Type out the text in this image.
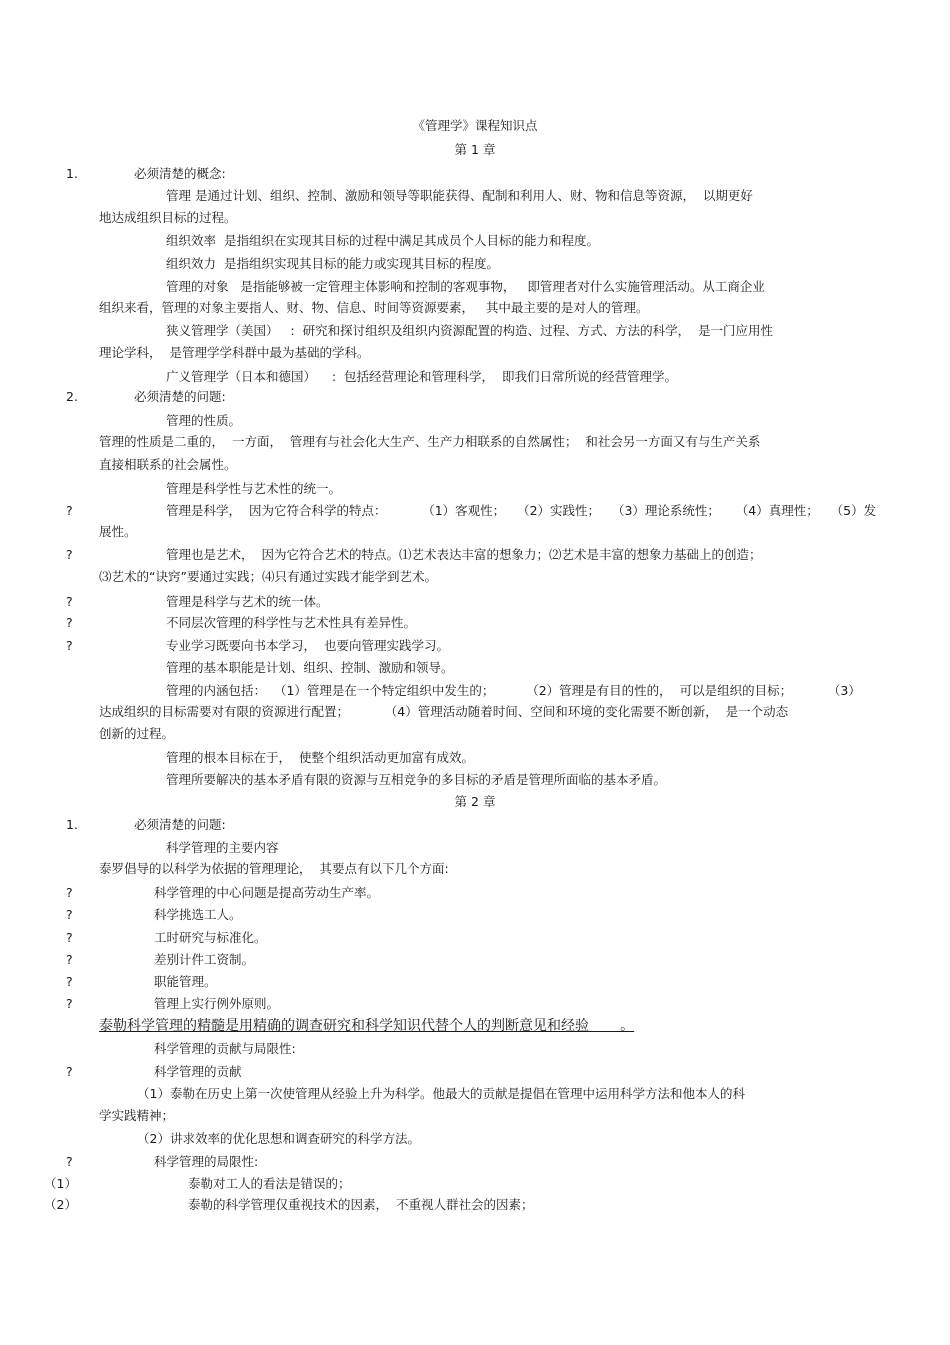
《管理学》课程知识点
第 1 章
1.	必须清楚的概念:
管理 是通过计划、组织、控制、激励和领导等职能获得、配制和利用人、财、物和信息等资源，  以期更好
地达成组织目标的过程。
组织效率  是指组织在实现其目标的过程中满足其成员个人目标的能力和程度。
组织效力  是指组织实现其目标的能力或实现其目标的程度。
管理的对象   是指能够被一定管理主体影响和控制的客观事物，   即管理者对什么实施管理活动。从工商企业
组织来看，管理的对象主要指人、财、物、信息、时间等资源要素，   其中最主要的是对人的管理。
狭义管理学（美国）   :  研究和探讨组织及组织内资源配置的构造、过程、方式、方法的科学，  是一门应用性
理论学科，  是管理学学科群中最为基础的学科。
广义管理学（日本和德国）    :  包括经营理论和管理科学，  即我们日常所说的经营管理学。
2.	必须清楚的问题:
管理的性质。
管理的性质是二重的，  一方面，  管理有与社会化大生产、生产力相联系的自然属性；  和社会另一方面又有与生产关系
直接相联系的社会属性。
管理是科学性与艺术性的统一。
?	管理是科学，  因为它符合科学的特点：         （1）客观性；   （2）实践性；   （3）理论系统性；    （4）真理性；   （5）发
展性。
?	管理也是艺术，  因为它符合艺术的特点。⑴艺术表达丰富的想象力；⑵艺术是丰富的想象力基础上的创造；
⑶艺术的“诀窍”要通过实践；⑷只有通过实践才能学到艺术。
?	管理是科学与艺术的统一体。
?	不同层次管理的科学性与艺术性具有差异性。
?	专业学习既要向书本学习，  也要向管理实践学习。
管理的基本职能是计划、组织、控制、激励和领导。
管理的内涵包括：  （1）管理是在一个特定组织中发生的；        （2）管理是有目的性的，  可以是组织的目标；         （3）
达成组织的目标需要对有限的资源进行配置；         （4）管理活动随着时间、空间和环境的变化需要不断创新，  是一个动态
创新的过程。
管理的根本目标在于，  使整个组织活动更加富有成效。
管理所要解决的基本矛盾有限的资源与互相竞争的多目标的矛盾是管理所面临的基本矛盾。
第 2 章
1.	必须清楚的问题:
科学管理的主要内容
泰罗倡导的以科学为依据的管理理论，  其要点有以下几个方面:
?	科学管理的中心问题是提高劳动生产率。
?	科学挑选工人。
?	工时研究与标准化。
?	差别计件工资制。
?	职能管理。
?	管理上实行例外原则。
泰勒科学管理的精髓是用精确的调查研究和科学知识代替个人的判断意见和经验       。
科学管理的贡献与局限性:
?	科学管理的贡献
（1）泰勒在历史上第一次使管理从经验上升为科学。他最大的贡献是提倡在管理中运用科学方法和他本人的科
学实践精神；
（2）讲求效率的优化思想和调查研究的科学方法。
?	科学管理的局限性:
（1）	泰勒对工人的看法是错误的；
（2）	泰勒的科学管理仅重视技术的因素，  不重视人群社会的因素；
